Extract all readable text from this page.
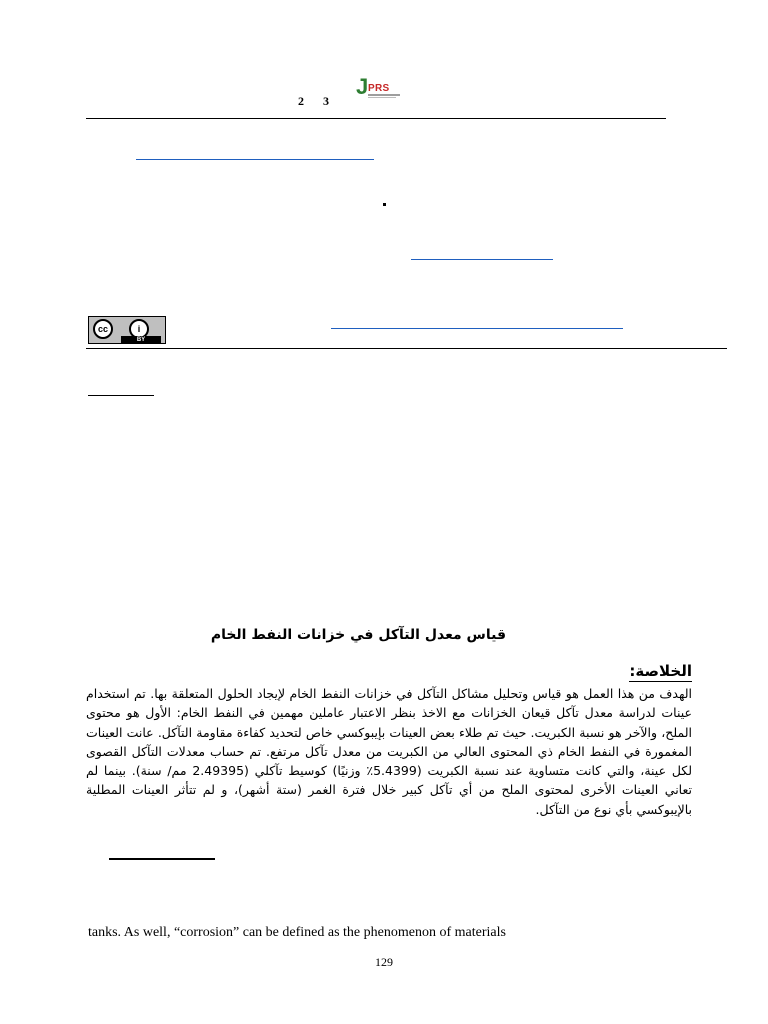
2 3
J PRS
cc	i
BY
قياس معدل التآكل في خزانات النفط الخام
الخلاصة:
الهدف من هذا العمل هو قياس وتحليل مشاكل التآكل في خزانات النفط الخام لإيجاد الحلول المتعلقة بها. تم استخدام عينات لدراسة معدل تآكل قيعان الخزانات مع الاخذ بنظر الاعتبار عاملين مهمين في النفط الخام: الأول هو محتوى الملح، والآخر هو نسبة الكبريت. حيث تم طلاء بعض العينات بإيبوكسي خاص لتحديد كفاءة مقاومة التآكل. عانت العينات المغمورة في النفط الخام ذي المحتوى العالي من الكبريت من معدل تآكل مرتفع. تم حساب معدلات التآكل القصوى لكل عينة، والتي كانت متساوية عند نسبة الكبريت (5.4399٪ وزنيًا) كوسيط تآكلي (2.49395 مم/ سنة). بينما لم تعاني العينات الأخرى لمحتوى الملح من أي تآكل كبير خلال فترة الغمر (ستة أشهر)، و لم تتأثر العينات المطلية بالإيبوكسي بأي نوع من التآكل.
tanks. As well, “corrosion” can be defined as the phenomenon of materials
129
